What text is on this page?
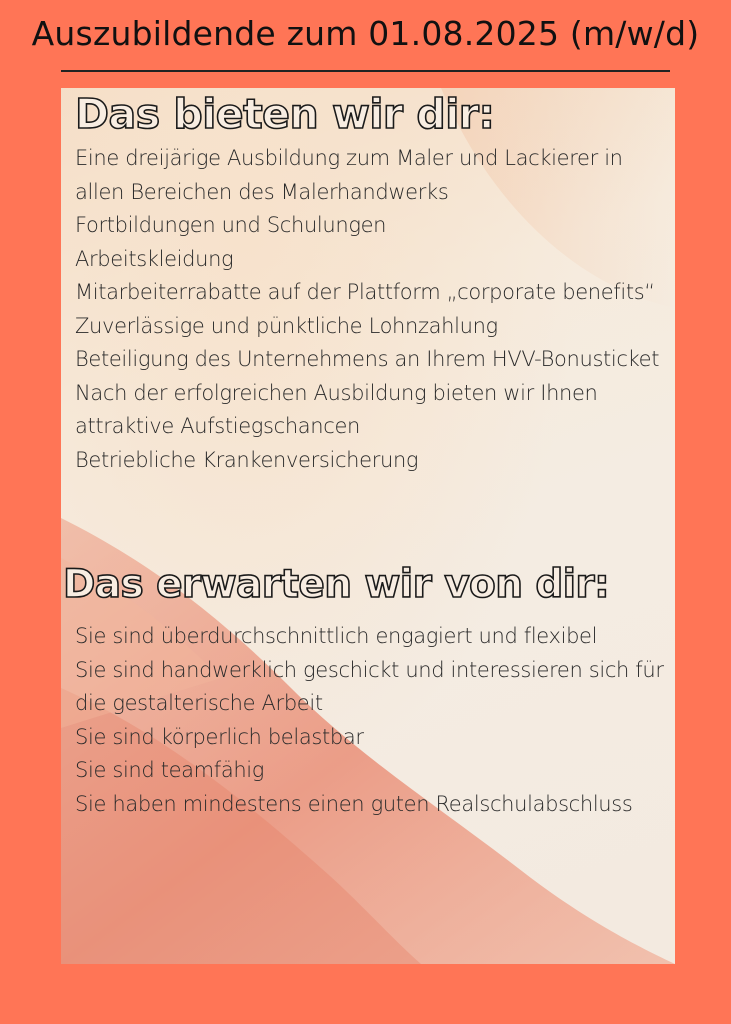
Auszubildende zum 01.08.2025 (m/w/d)
Das bieten wir dir:
Eine dreijärige Ausbildung zum Maler und Lackierer in allen Bereichen des Malerhandwerks
Fortbildungen und Schulungen
Arbeitskleidung
Mitarbeiterrabatte auf der Plattform „corporate benefits“
Zuverlässige und pünktliche Lohnzahlung
Beteiligung des Unternehmens an Ihrem HVV-Bonusticket
Nach der erfolgreichen Ausbildung bieten wir Ihnen attraktive Aufstiegschancen
Betriebliche Krankenversicherung
Das erwarten wir von dir:
Sie sind überdurchschnittlich engagiert und flexibel
Sie sind handwerklich geschickt und interessieren sich für die gestalterische Arbeit
Sie sind körperlich belastbar
Sie sind teamfähig
Sie haben mindestens einen guten Realschulabschluss
